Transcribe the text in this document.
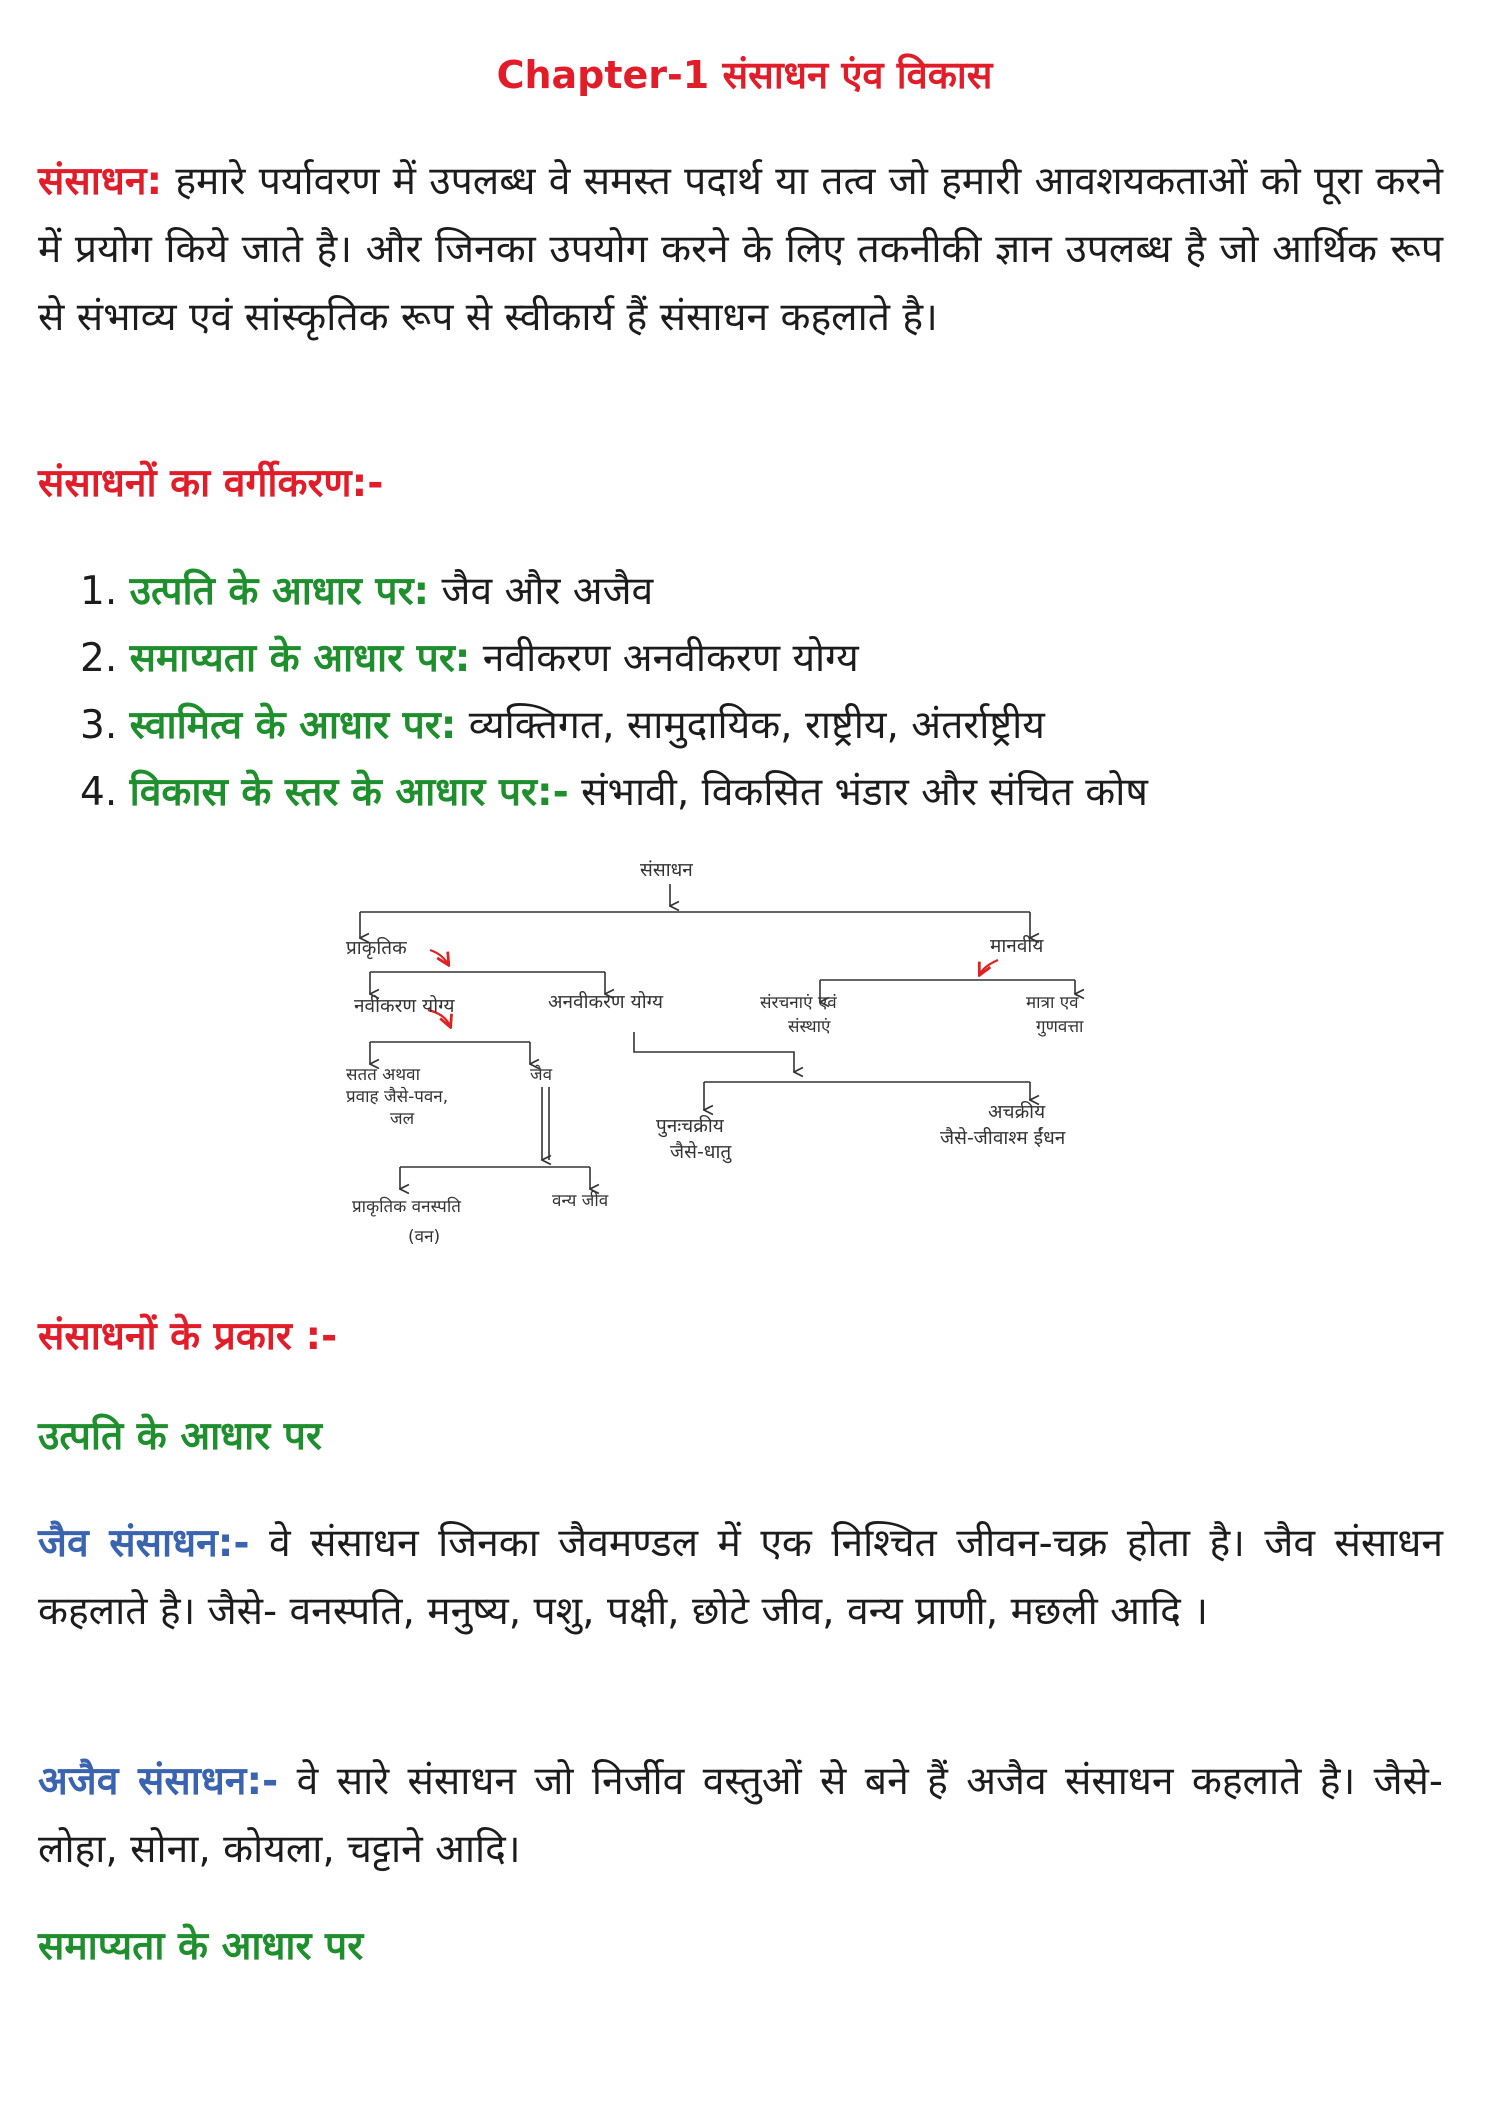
Chapter-1 संसाधन एंव विकास

संसाधन: हमारे पर्यावरण में उपलब्ध वे समस्त पदार्थ या तत्व जो हमारी आवशयकताओं को पूरा करने में प्रयोग किये जाते है। और जिनका उपयोग करने के लिए तकनीकी ज्ञान उपलब्ध है जो आर्थिक रूप से संभाव्य एवं सांस्कृतिक रूप से स्वीकार्य हैं संसाधन कहलाते है।

संसाधनों का वर्गीकरण:-
1. उत्पति के आधार पर: जैव और अजैव
2. समाप्यता के आधार पर: नवीकरण अनवीकरण योग्य
3. स्वामित्व के आधार पर: व्यक्तिगत, सामुदायिक, राष्ट्रीय, अंतर्राष्ट्रीय
4. विकास के स्तर के आधार पर:- संभावी, विकसित भंडार और संचित कोष
संसाधन
प्राकृतिक	मानवीय
नवीकरण योग्य	अनवीकरण योग्य	संरचनाएं एवं
संस्थाएं
मात्रा एवं
गुणवत्ता
सतत अथवा
प्रवाह जैसे-पवन,
जल
जैव
पुनःचक्रीय
जैसे-धातु
अचक्रीय
जैसे-जीवाश्म ईंधन
प्राकृतिक वनस्पति
(वन)
वन्य जीव
संसाधनों के प्रकार :-
उत्पति के आधार पर

जैव संसाधन:- वे संसाधन जिनका जैवमण्डल में एक निश्चित जीवन-चक्र होता है। जैव संसाधन कहलाते है। जैसे- वनस्पति, मनुष्य, पशु, पक्षी, छोटे जीव, वन्य प्राणी, मछली आदि ।

अजैव संसाधन:- वे सारे संसाधन जो निर्जीव वस्तुओं से बने हैं अजैव संसाधन कहलाते है। जैसे- लोहा, सोना, कोयला, चट्टाने आदि।

समाप्यता के आधार पर
